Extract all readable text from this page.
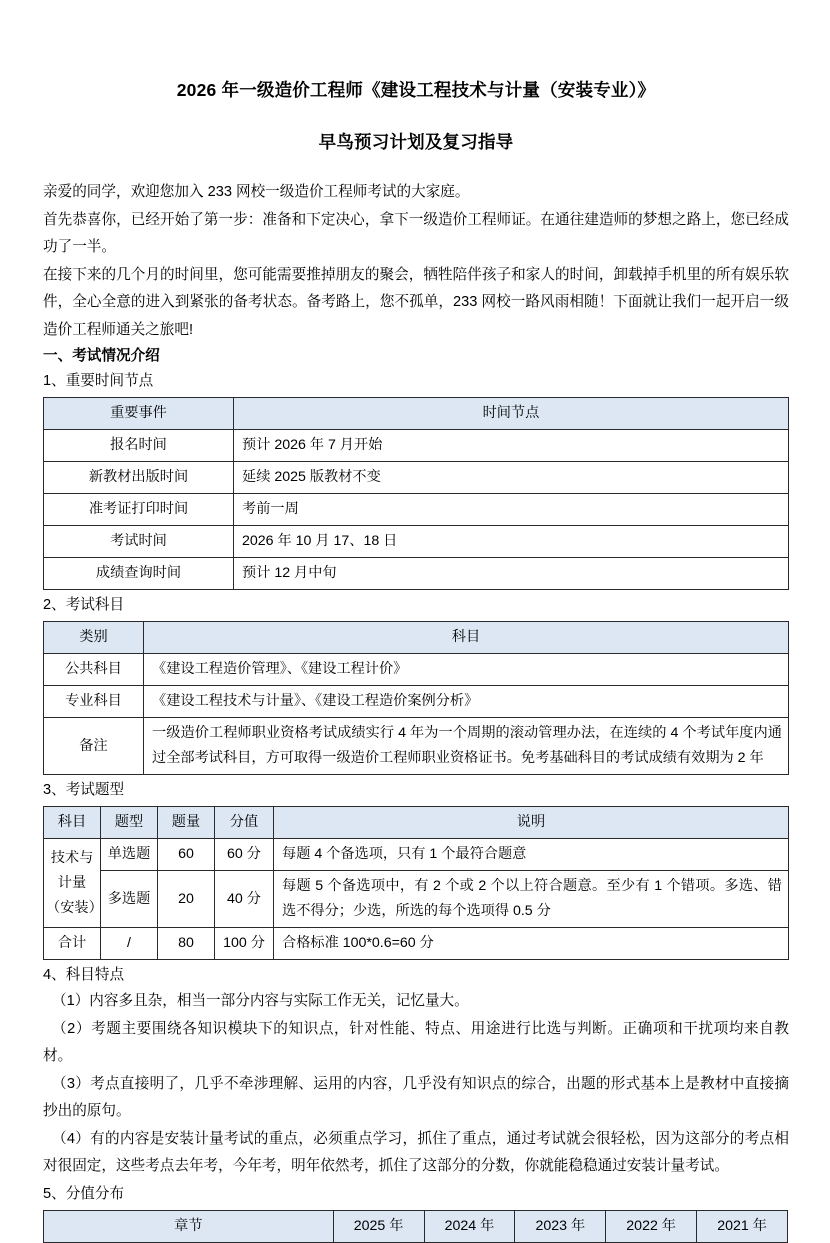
2026 年一级造价工程师《建设工程技术与计量（安装专业）》
早鸟预习计划及复习指导

亲爱的同学，欢迎您加入 233 网校一级造价工程师考试的大家庭。

首先恭喜你，已经开始了第一步：准备和下定决心，拿下一级造价工程师证。在通往建造师的梦想之路上，您已经成功了一半。

在接下来的几个月的时间里，您可能需要推掉朋友的聚会，牺牲陪伴孩子和家人的时间，卸载掉手机里的所有娱乐软件，全心全意的进入到紧张的备考状态。备考路上，您不孤单，233 网校一路风雨相随！下面就让我们一起开启一级造价工程师通关之旅吧!

一、考试情况介绍
1、重要时间节点
重要事件	时间节点
报名时间	预计 2026 年 7 月开始
新教材出版时间	延续 2025 版教材不变
准考证打印时间	考前一周
考试时间	2026 年 10 月 17、18 日
成绩查询时间	预计 12 月中旬
2、考试科目
类别	科目
公共科目	《建设工程造价管理》、《建设工程计价》
专业科目	《建设工程技术与计量》、《建设工程造价案例分析》
备注	一级造价工程师职业资格考试成绩实行 4 年为一个周期的滚动管理办法，在连续的 4 个考试年度内通过全部考试科目，方可取得一级造价工程师职业资格证书。免考基础科目的考试成绩有效期为 2 年
3、考试题型
科目	题型	题量	分值	说明
技术与计量（安装）	单选题	60	60 分	每题 4 个备选项，只有 1 个最符合题意
	多选题	20	40 分	每题 5 个备选项中，有 2 个或 2 个以上符合题意。至少有 1 个错项。多选、错选不得分；少选，所选的每个选项得 0.5 分
合计	/	80	100 分	合格标准 100*0.6=60 分
4、科目特点

（1）内容多且杂，相当一部分内容与实际工作无关，记忆量大。

（2）考题主要围绕各知识模块下的知识点，针对性能、特点、用途进行比选与判断。正确项和干扰项均来自教材。

（3）考点直接明了，几乎不牵涉理解、运用的内容，几乎没有知识点的综合，出题的形式基本上是教材中直接摘抄出的原句。

（4）有的内容是安装计量考试的重点，必须重点学习，抓住了重点，通过考试就会很轻松，因为这部分的考点相对很固定，这些考点去年考，今年考，明年依然考，抓住了这部分的分数，你就能稳稳通过安装计量考试。

5、分值分布
章节	2025 年	2024 年	2023 年	2022 年	2021 年
